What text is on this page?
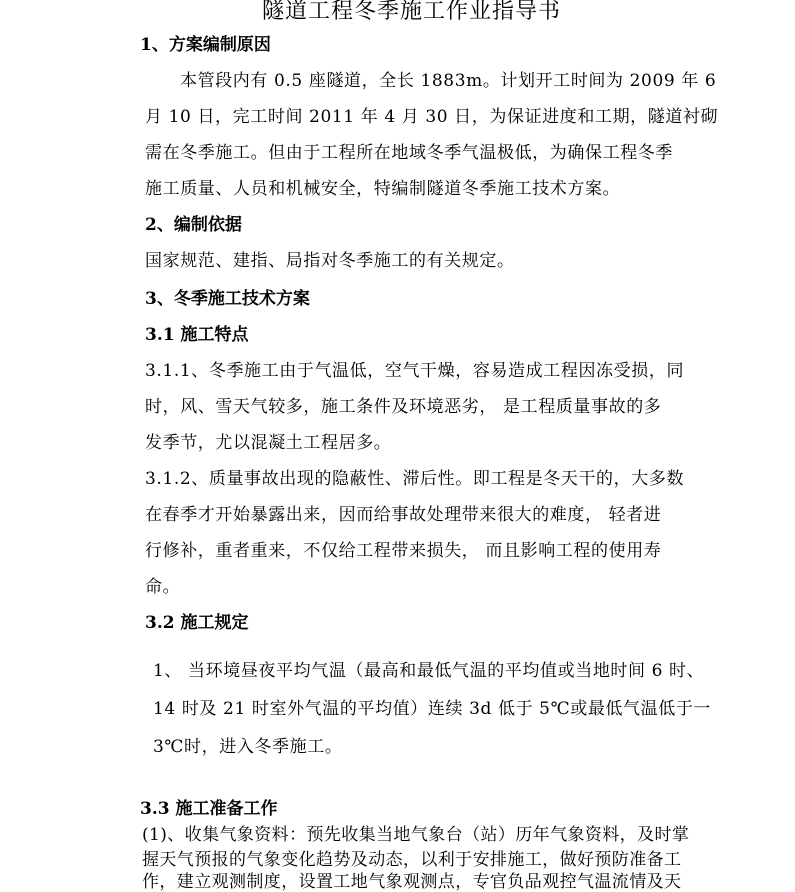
隧道工程冬季施工作业指导书
1、方案编制原因
本管段内有 0.5 座隧道，全长 1883m。计划开工时间为 2009 年 6
月 10 日，完工时间 2011 年 4 月 30 日，为保证进度和工期，隧道衬砌
需在冬季施工。但由于工程所在地域冬季气温极低，为确保工程冬季
施工质量、人员和机械安全，特编制隧道冬季施工技术方案。
2、编制依据
国家规范、建指、局指对冬季施工的有关规定。
3、冬季施工技术方案
3.1 施工特点
3.1.1、冬季施工由于气温低，空气干燥，容易造成工程因冻受损，同
时，风、雪天气较多，施工条件及环境恶劣， 是工程质量事故的多
发季节，尤以混凝土工程居多。
3.1.2、质量事故出现的隐蔽性、滞后性。即工程是冬天干的，大多数
在春季才开始暴露出来，因而给事故处理带来很大的难度， 轻者进
行修补，重者重来，不仅给工程带来损失， 而且影响工程的使用寿
命。
3.2 施工规定
1、 当环境昼夜平均气温（最高和最低气温的平均值或当地时间 6 时、
14 时及 21 时室外气温的平均值）连续 3d 低于 5℃或最低气温低于一
3℃时，进入冬季施工。
3.3 施工准备工作
(1)、收集气象资料：预先收集当地气象台（站）历年气象资料，及时掌
握天气预报的气象变化趋势及动态，以利于安排施工，做好预防准备工
作，建立观测制度，设置工地气象观测点，专官负品观控气温流情及天
